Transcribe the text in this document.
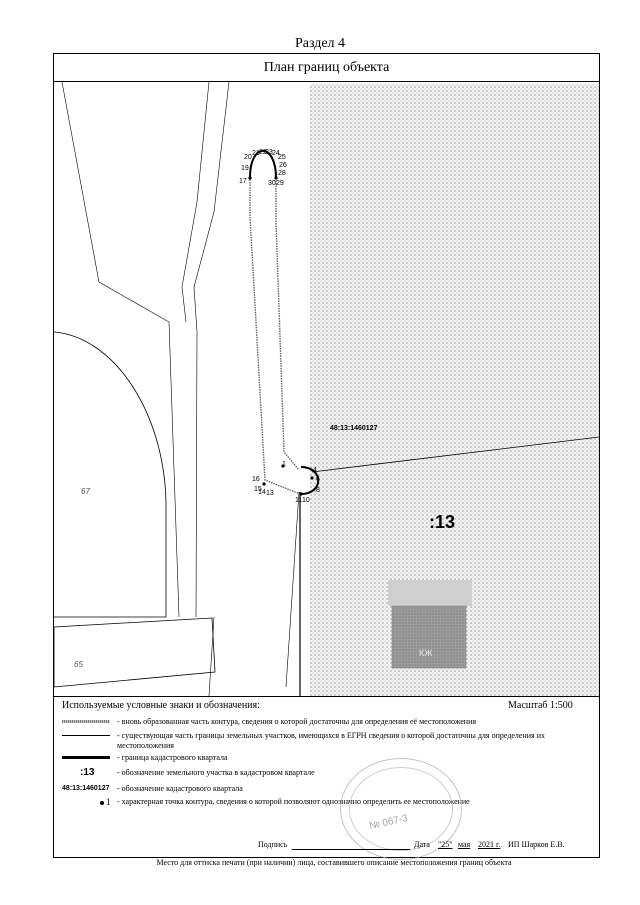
Раздел 4
План границ объекта
20
21 22
23 24
25
26
28
29
30
19
17
1
4
6
8
10
11
16
15
14 13
48:13:1460127
:13
КЖ
67
65
Используемые условные знаки и обозначения:	Масштаб 1:500
- вновь образованная часть контура, сведения о которой достаточны для определения её местоположения
- существующая часть границы земельных участков, имеющихся в ЕГРН сведения о которой достаточны для определения их местоположения
- граница кадастрового квартала
:13	- обозначение земельного участка в кадастровом квартале
48:13:1460127 - обозначение кадастрового квартала
1 - характерная точка контура, сведения о которой позволяют однозначно определить ее местоположение
№ 067-3
Подпись	Дата "25" мая 2021 г. ИП Шарков Е.В.
Место для оттиска печати (при наличии) лица, составившего описание местоположения границ объекта
